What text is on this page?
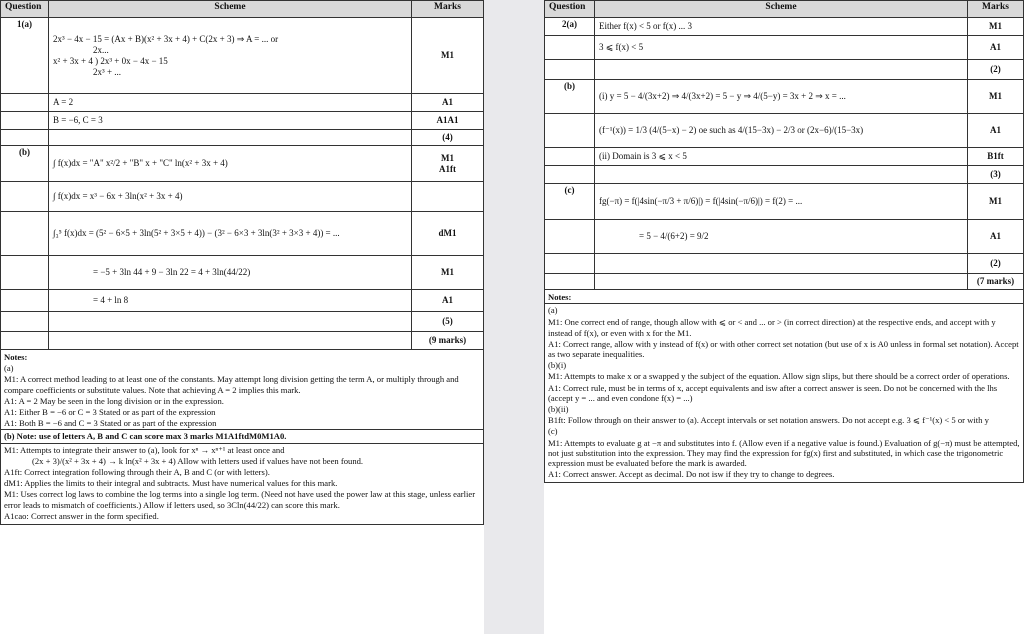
Question	Scheme	Marks
1(a)	2x³ − 4x − 15 = (Ax + B)(x² + 3x + 4) + C(2x + 3) ⇒ A = ... or
2x...
x² + 3x + 4 ) 2x³ + 0x − 4x − 15
2x³ + ...	M1

	A = 2	A1

	B = −6, C = 3	A1A1

	(4)
(b)	∫ f(x)dx = "A" x²/2 + "B" x + "C" ln(x² + 3x + 4)	M1
A1ft

	∫ f(x)dx = x³ − 6x + 3ln(x² + 3x + 4)	

	∫₃⁵ f(x)dx = (5² − 6×5 + 3ln(5² + 3×5 + 4)) − (3² − 6×3 + 3ln(3² + 3×3 + 4)) = ...	dM1

	= −5 + 3ln 44 + 9 − 3ln 22 = 4 + 3ln(44/22)	M1

	= 4 + ln 8	A1

	(5)

	(9 marks)

Notes:

(a)

M1: A correct method leading to at least one of the constants. May attempt long division getting the term A, or multiply through and compare coefficients or substitute values. Note that achieving A = 2 implies this mark.

A1: A = 2 May be seen in the long division or in the expression.

A1: Either B = −6 or C = 3 Stated or as part of the expression

A1: Both B = −6 and C = 3 Stated or as part of the expression

(b) Note: use of letters A, B and C can score max 3 marks M1A1ftdM0M1A0.

M1: Attempts to integrate their answer to (a), look for xⁿ → xⁿ⁺¹ at least once and

(2x + 3)/(x² + 3x + 4) → k ln(x² + 3x + 4) Allow with letters used if values have not been found.

A1ft: Correct integration following through their A, B and C (or with letters).

dM1: Applies the limits to their integral and subtracts. Must have numerical values for this mark.

M1: Uses correct log laws to combine the log terms into a single log term. (Need not have used the power law at this stage, unless earlier error leads to mismatch of coefficients.) Allow if letters used, so 3Cln(44/22) can score this mark.

A1cao: Correct answer in the form specified.

Question	Scheme	Marks
2(a)	Either f(x) < 5 or f(x) ... 3	M1

	3 ⩽ f(x) < 5	A1

	(2)
(b)	(i) y = 5 − 4/(3x+2) ⇒ 4/(3x+2) = 5 − y ⇒ 4/(5−y) = 3x + 2 ⇒ x = ...	M1

	(f⁻¹(x)) = 1/3 (4/(5−x) − 2) oe such as 4/(15−3x) − 2/3 or (2x−6)/(15−3x)	A1

	(ii) Domain is 3 ⩽ x < 5	B1ft

	(3)
(c)	fg(−π) = f(|4sin(−π/3 + π/6)|) = f(|4sin(−π/6)|) = f(2) = ...	M1

	= 5 − 4/(6+2) = 9/2	A1

	(2)

	(7 marks)

Notes:

(a)

M1: One correct end of range, though allow with ⩽ or < and ... or > (in correct direction) at the respective ends, and accept with y instead of f(x), or even with x for the M1.

A1: Correct range, allow with y instead of f(x) or with other correct set notation (but use of x is A0 unless in formal set notation). Accept as two separate inequalities.

(b)(i)

M1: Attempts to make x or a swapped y the subject of the equation. Allow sign slips, but there should be a correct order of operations.

A1: Correct rule, must be in terms of x, accept equivalents and isw after a correct answer is seen. Do not be concerned with the lhs (accept y = ... and even condone f(x) = ...)

(b)(ii)

B1ft: Follow through on their answer to (a). Accept intervals or set notation answers. Do not accept e.g. 3 ⩽ f⁻¹(x) < 5 or with y

(c)

M1: Attempts to evaluate g at −π and substitutes into f. (Allow even if a negative value is found.) Evaluation of g(−π) must be attempted, not just substitution into the expression. They may find the expression for fg(x) first and substituted, in which case the trigonometric expression must be evaluated before the mark is awarded.

A1: Correct answer. Accept as decimal. Do not isw if they try to change to degrees.
